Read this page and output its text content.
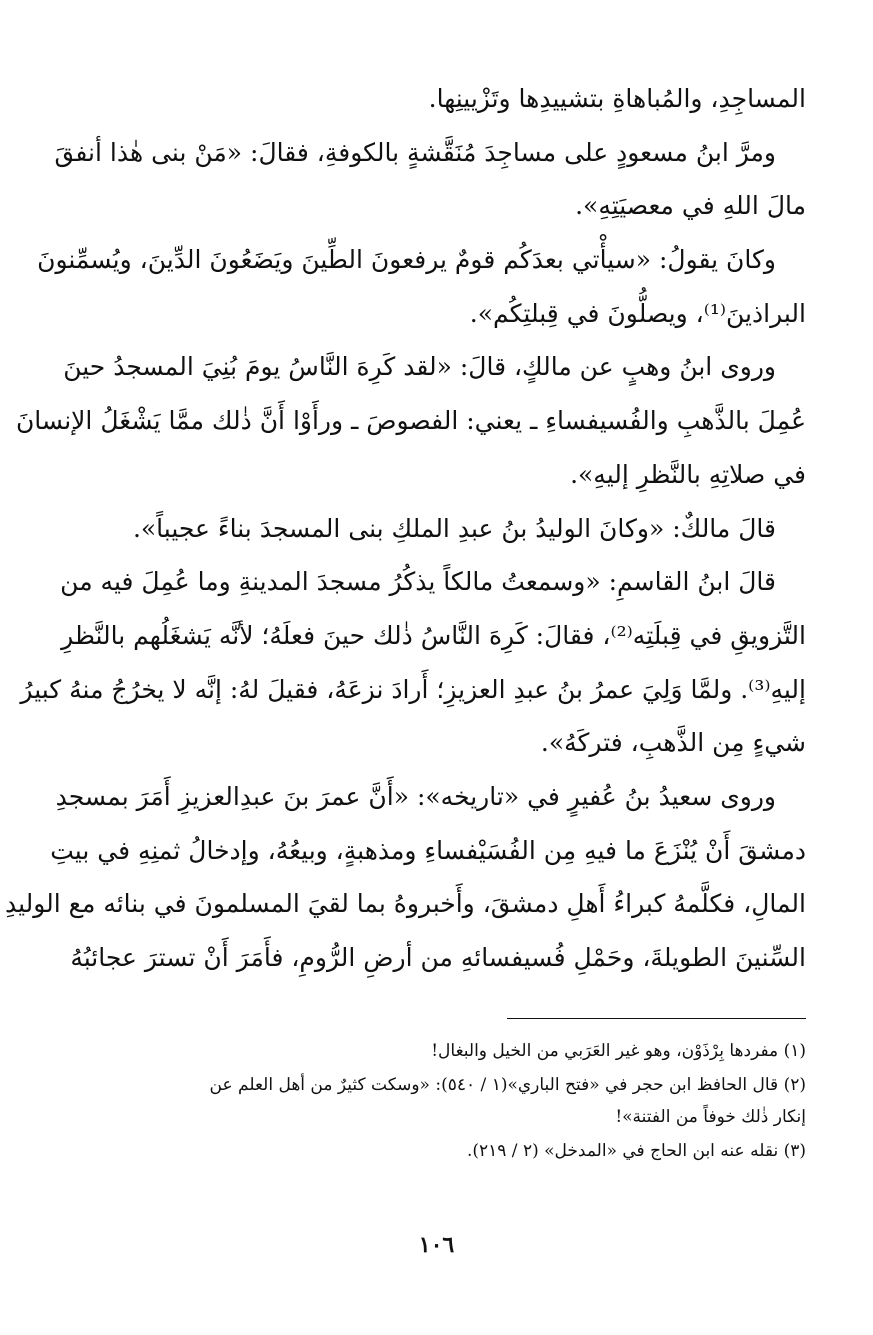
المساجِدِ، والمُباهاةِ بتشييدِها وتَزْيينِها.
ومرَّ ابنُ مسعودٍ على مساجِدَ مُنَقَّشةٍ بالكوفةِ، فقالَ: «مَنْ بنى هٰذا أنفقَ
مالَ اللهِ في معصيَتِهِ».
وكانَ يقولُ: «سيأْتي بعدَكُم قومٌ يرفعونَ الطِّينَ ويَضَعُونَ الدِّينَ، ويُسمِّنونَ
البراذينَ⁽¹⁾، ويصلُّونَ في قِبلتِكُم».
وروى ابنُ وهبٍ عن مالكٍ، قالَ: «لقد كَرِهَ النَّاسُ يومَ بُنِيَ المسجدُ حينَ
عُمِلَ بالذَّهبِ والفُسيفساءِ ـ يعني: الفصوصَ ـ ورأَوْا أَنَّ ذٰلك ممَّا يَشْغَلُ الإنسانَ
في صلاتِهِ بالنَّظرِ إليهِ».
قالَ مالكٌ: «وكانَ الوليدُ بنُ عبدِ الملكِ بنى المسجدَ بناءً عجيباً».
قالَ ابنُ القاسمِ: «وسمعتُ مالكاً يذكُرُ مسجدَ المدينةِ وما عُمِلَ فيه من
التَّزويقِ في قِبلَتِه⁽²⁾، فقالَ: كَرِهَ النَّاسُ ذٰلك حينَ فعلَهُ؛ لأنَّه يَشغَلُهم بالنَّظرِ
إليهِ⁽³⁾. ولمَّا وَلِيَ عمرُ بنُ عبدِ العزيزِ؛ أَرادَ نزعَهُ، فقيلَ لهُ: إنَّه لا يخرُجُ منهُ كبيرُ
شيءٍ مِن الذَّهبِ، فتركَهُ».
وروى سعيدُ بنُ عُفيرٍ في «تاريخه»: «أَنَّ عمرَ بنَ عبدِالعزيزِ أَمَرَ بمسجدِ
دمشقَ أَنْ يُنْزَعَ ما فيهِ مِن الفُسَيْفساءِ ومذهبةٍ، وبيعُهُ، وإدخالُ ثمنِهِ في بيتِ
المالِ، فكلَّمهُ كبراءُ أَهلِ دمشقَ، وأَخبروهُ بما لقيَ المسلمونَ في بنائه مع الوليدِ
السِّنينَ الطويلةَ، وحَمْلِ فُسيفسائهِ من أرضِ الرُّومِ، فأَمَرَ أَنْ تسترَ عجائبُهُ
(١) مفردها بِرْذَوْن، وهو غير العَرَبي من الخيل والبغال!
(٢) قال الحافظ ابن حجر في «فتح الباري»(١ / ٥٤٠): «وسكت كثيرٌ من أهل العلم عن
إنكار ذٰلك خوفاً من الفتنة»!
(٣) نقله عنه ابن الحاج في «المدخل» (٢ / ٢١٩).
١٠٦
